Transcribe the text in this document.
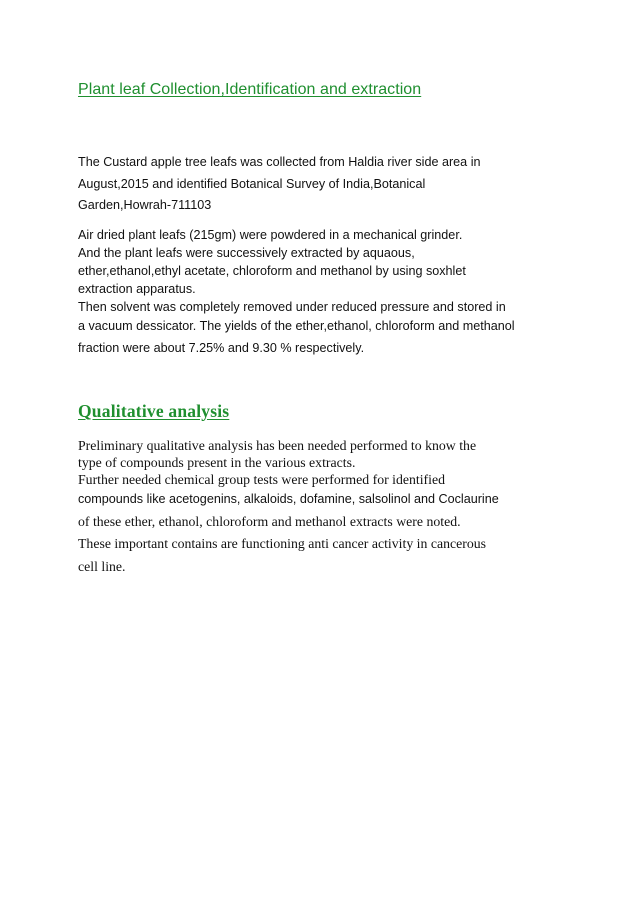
Plant leaf Collection,Identification and extraction
The Custard apple tree leafs was collected from Haldia river side area in
August,2015 and identified Botanical Survey of India,Botanical
Garden,Howrah-711103
Air dried plant leafs (215gm) were powdered in a mechanical grinder.
And the plant leafs were successively extracted by aquaous,
ether,ethanol,ethyl acetate, chloroform and methanol by using soxhlet
extraction apparatus.
Then solvent was completely removed under reduced pressure and stored in
a vacuum dessicator. The yields of the ether,ethanol, chloroform and methanol
fraction were about 7.25% and 9.30 % respectively.
Qualitative analysis
Preliminary qualitative analysis has been needed performed to know the
type of compounds present in the various extracts.
Further needed chemical group tests were performed for identified
compounds like acetogenins, alkaloids, dofamine, salsolinol and Coclaurine
of these ether, ethanol, chloroform and methanol extracts were noted.
These important contains are functioning anti cancer activity in cancerous
cell line.
